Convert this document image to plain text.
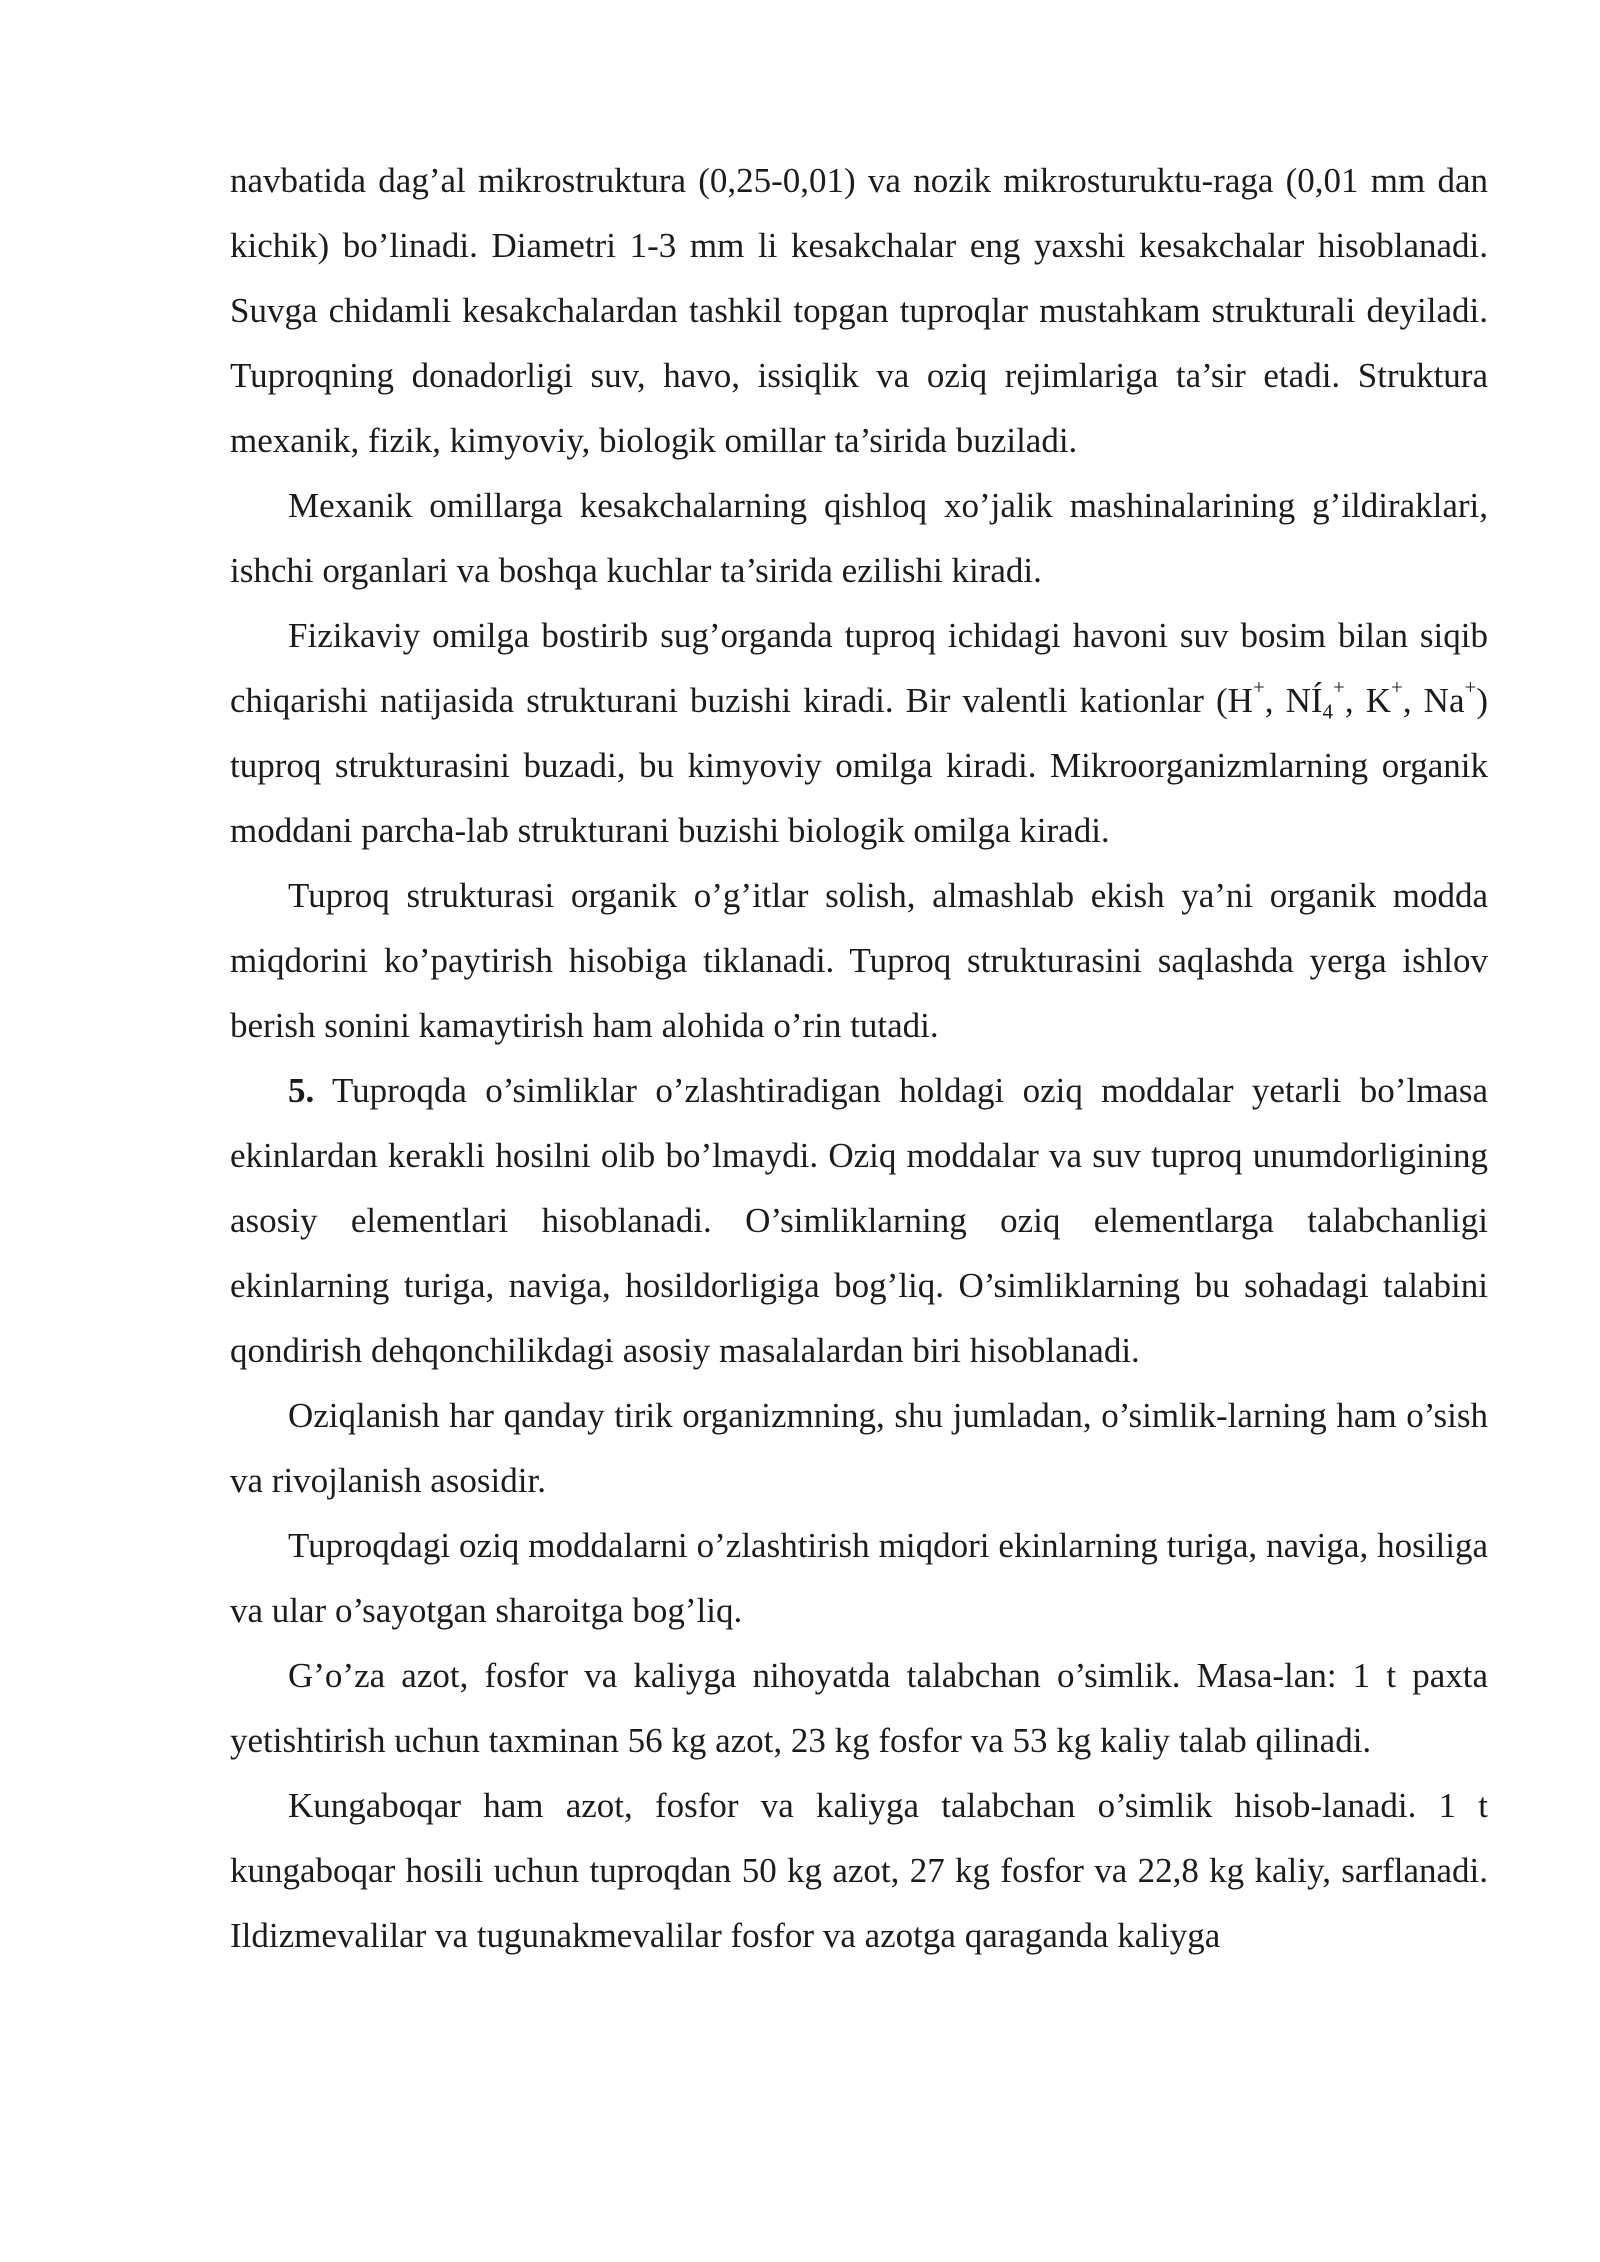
navbatida dag’al mikrostruktura (0,25-0,01) va nozik mikrosturuktu-raga (0,01 mm dan kichik) bo’linadi. Diametri 1-3 mm li kesakchalar eng yaxshi kesakchalar hisoblanadi. Suvga chidamli kesakchalardan tashkil topgan tuproqlar mustahkam strukturali deyiladi. Tuproqning donadorligi suv, havo, issiqlik va oziq rejimlariga ta’sir etadi. Struktura mexanik, fizik, kimyoviy, biologik omillar ta’sirida buziladi.

Mexanik omillarga kesakchalarning qishloq xo’jalik mashinalarining g’ildiraklari, ishchi organlari va boshqa kuchlar ta’sirida ezilishi kiradi.

Fizikaviy omilga bostirib sug’organda tuproq ichidagi havoni suv bosim bilan siqib chiqarishi natijasida strukturani buzishi kiradi. Bir valentli kationlar (H+, $NÍ_4^+$, K+, Na+) tuproq strukturasini buzadi, bu kimyoviy omilga kiradi. Mikroorganizmlarning organik moddani parcha-lab strukturani buzishi biologik omilga kiradi.

Tuproq strukturasi organik o’g’itlar solish, almashlab ekish ya’ni organik modda miqdorini ko’paytirish hisobiga tiklanadi. Tuproq strukturasini saqlashda yerga ishlov berish sonini kamaytirish ham alohida o’rin tutadi.

5. Tuproqda o’simliklar o’zlashtiradigan holdagi oziq moddalar yetarli bo’lmasa ekinlardan kerakli hosilni olib bo’lmaydi. Oziq moddalar va suv tuproq unumdorligining asosiy elementlari hisoblanadi. O’simliklarning oziq elementlarga talabchanligi ekinlarning turiga, naviga, hosildorligiga bog’liq. O’simliklarning bu sohadagi talabini qondirish dehqonchilikdagi asosiy masalalardan biri hisoblanadi.

Oziqlanish har qanday tirik organizmning, shu jumladan, o’simlik-larning ham o’sish va rivojlanish asosidir.

Tuproqdagi oziq moddalarni o’zlashtirish miqdori ekinlarning turiga, naviga, hosiliga va ular o’sayotgan sharoitga bog’liq.

G’o’za azot, fosfor va kaliyga nihoyatda talabchan o’simlik. Masa-lan: 1 t paxta yetishtirish uchun taxminan 56 kg azot, 23 kg fosfor va 53 kg kaliy talab qilinadi.

Kungaboqar ham azot, fosfor va kaliyga talabchan o’simlik hisob-lanadi. 1 t kungaboqar hosili uchun tuproqdan 50 kg azot, 27 kg fosfor va 22,8 kg kaliy, sarflanadi. Ildizmevalilar va tugunakmevalilar fosfor va azotga qaraganda kaliyga
